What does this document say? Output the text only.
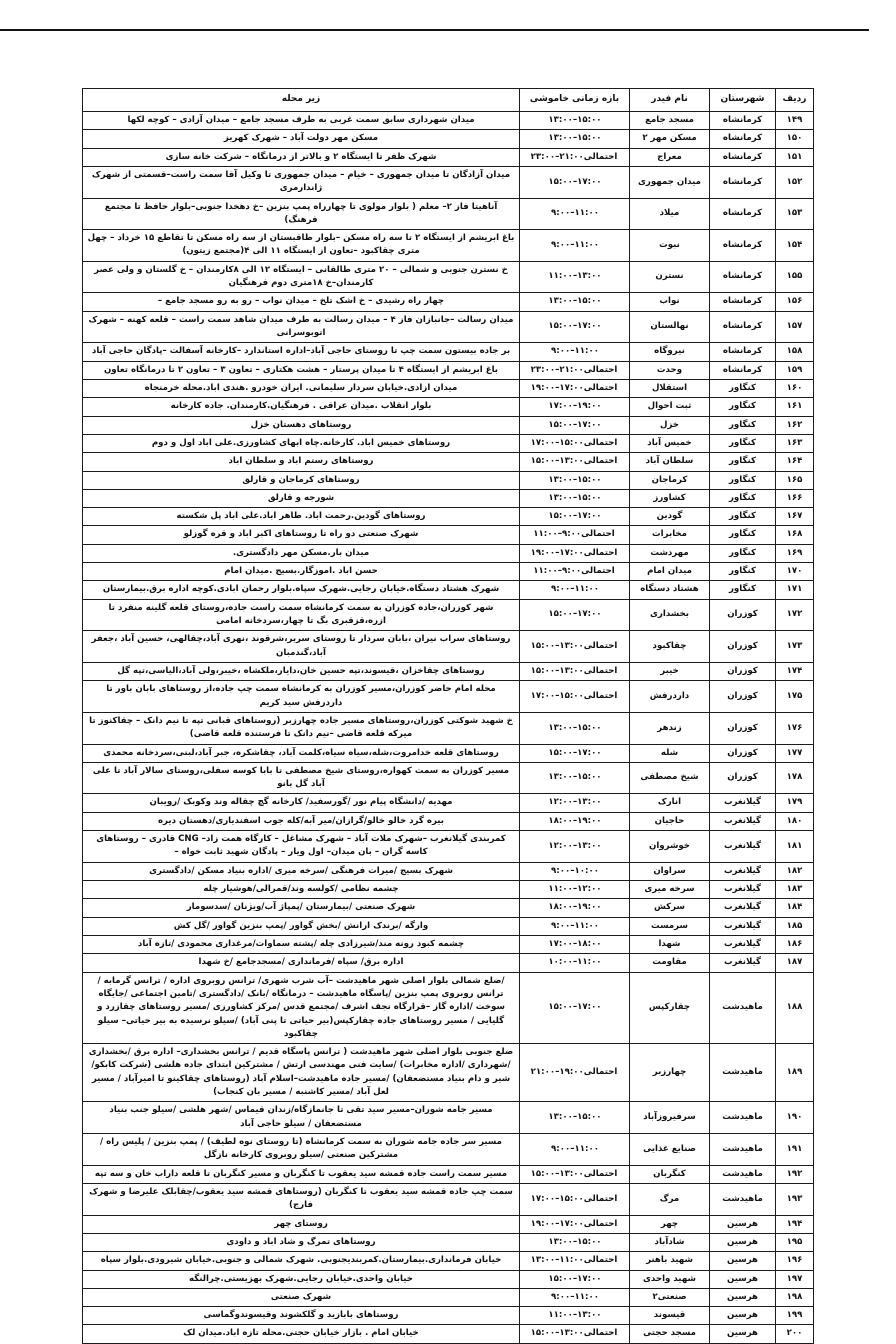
ردیف	شهرستان	نام فیدر	بازه زمانی خاموشی	زیر محله
۱۴۹	کرمانشاه	مسجد جامع	۱۳:۰۰–۱۵:۰۰	میدان شهرداری سابق سمت غربی به طرف مسجد جامع – میدان آزادی – کوچه لکها
۱۵۰	کرمانشاه	مسکن مهر ۲	۱۳:۰۰–۱۵:۰۰	مسکن مهر دولت آباد – شهرک کهریز
۱۵۱	کرمانشاه	معراج	احتمالی۲۱:۰۰–۲۳:۰۰	شهرک ظفر تا ایستگاه ۲ و بالاتر از درمانگاه – شرکت خانه سازی
۱۵۲	کرمانشاه	میدان جمهوری	۱۵:۰۰–۱۷:۰۰	میدان آزادگان تا میدان جمهوری – خیام – میدان جمهوری تا وکیل آقا سمت راست–قسمتی از شهرک ژاندارمری
۱۵۳	کرمانشاه	میلاد	۹:۰۰–۱۱:۰۰	آناهیتا فاز ۲– معلم ( بلوار مولوی تا چهارراه پمپ بنزین –خ دهخدا جنوبی–بلوار حافظ تا مجتمع فرهنگ)
۱۵۴	کرمانشاه	نبوت	۹:۰۰–۱۱:۰۰	باغ ابریشم از ایستگاه ۲ تا سه راه مسکن –بلوار طاقبستان از سه راه مسکن تا تقاطع ۱۵ خرداد – چهل متری چقاکبود –تعاون از ایستگاه ۱۱ الی ۴(مجتمع زیتون)
۱۵۵	کرمانشاه	نسترن	۱۱:۰۰–۱۳:۰۰	خ نسترن جنوبی و شمالی – ۲۰ متری طالقانی – ایستگاه ۱۲ الی ۸کارمندان – خ گلستان و ولی عصر کارمندان–خ ۱۸متری دوم فرهنگیان
۱۵۶	کرمانشاه	نواب	۱۳:۰۰–۱۵:۰۰	چهار راه رشیدی – خ اشک تلخ – میدان نواب – رو به رو مسجد جامع –
۱۵۷	کرمانشاه	نهالستان	۱۵:۰۰–۱۷:۰۰	میدان رسالت –جانبازان فاز ۴ – میدان رسالت به طرف میدان شاهد سمت راست – قلعه کهنه – شهرک اتوبوسرانی
۱۵۸	کرمانشاه	نیروگاه	۹:۰۰–۱۱:۰۰	بر جاده بیستون سمت چپ تا روستای حاجی آباد–اداره استاندارد –کارخانه آسفالت –پادگان حاجی آباد
۱۵۹	کرمانشاه	وحدت	احتمالی۲۱:۰۰–۲۳:۰۰	باغ ابریشم از ایستگاه ۴ تا میدان پرستار – هشت هکتاری – تعاون ۳ – تعاون ۲ تا درمانگاه تعاون
۱۶۰	کنگاور	استقلال	احتمالی۱۷:۰۰–۱۹:۰۰	میدان ازادی.خیابان سردار سلیمانی. ایران خودرو .هندی اباد.محله خرمنجاه
۱۶۱	کنگاور	ثبت احوال	۱۷:۰۰–۱۹:۰۰	بلوار انقلاب .میدان عراقی . فرهنگیان.کارمندان. جاده کارخانه
۱۶۲	کنگاور	خزل	۱۵:۰۰–۱۷:۰۰	روستاهای دهستان خزل
۱۶۳	کنگاور	خمیس آباد	احتمالی۱۵:۰۰–۱۷:۰۰	روستاهای خمیس اباد. کارخانه.چاه ابهای کشاورزی.علی اباد اول و دوم
۱۶۴	کنگاور	سلطان آباد	احتمالی۱۳:۰۰–۱۵:۰۰	روستاهای رستم اباد و سلطان اباد
۱۶۵	کنگاور	کرماجان	۱۳:۰۰–۱۵:۰۰	روستاهای کرماجان و قارلق
۱۶۶	کنگاور	کشاورز	۱۳:۰۰–۱۵:۰۰	شورجه و قارلق
۱۶۷	کنگاور	گودین	۱۵:۰۰–۱۷:۰۰	روستاهای گودین.رحمت اباد. طاهر اباد.علی اباد پل شکسته
۱۶۸	کنگاور	مخابرات	احتمالی۹:۰۰–۱۱:۰۰	شهرک صنعتی دو راه تا روستاهای اکبر اباد و قره گوزلو
۱۶۹	کنگاور	مهردشت	احتمالی۱۷:۰۰–۱۹:۰۰	میدان بار.مسکن مهر دادگستری.
۱۷۰	کنگاور	میدان امام	احتمالی۹:۰۰–۱۱:۰۰	حسن اباد .اموزگار.بسیج .میدان امام
۱۷۱	کنگاور	هشتاد دستگاه	۹:۰۰–۱۱:۰۰	شهرک هشتاد دستگاه.خیابان رجایی.شهرک سپاه.بلوار رحمان ابادی.کوچه اداره برق.بیمارستان
۱۷۲	کوزران	بخشداری	۱۵:۰۰–۱۷:۰۰	شهر کوزران،جاده کوزران به سمت کرمانشاه سمت راست جاده،روستای قلعه گلینه منفرد تا ازره،قزقبری بگ تا چهار،سردخانه امامی
۱۷۳	کوزران	چقاکبود	احتمالی۱۳:۰۰–۱۵:۰۰	روستاهای سراب نیران ،بابان سردار تا روستای سربر،شرقوند ،نهری آباد،چقالهی، حسین آباد ،جعفر آباد،گندمبان
۱۷۴	کوزران	خیبر	احتمالی۱۳:۰۰–۱۵:۰۰	روستاهای چقاخزان ،قیسوند،تپه حسین خان،دایار،ملکشاه ،خیبر،ولی آباد،الیاسی،تپه گل
۱۷۵	کوزران	داردرفش	احتمالی۱۵:۰۰–۱۷:۰۰	محله امام حاضر کوزران،مسیر کوزران به کرمانشاه سمت چپ جاده،از روستاهای بابان باور تا داردرفش سید کریم
۱۷۶	کوزران	زندهر	۱۳:۰۰–۱۵:۰۰	خ شهید شوکتی کوزران،روستاهای مسیر جاده چهارزبر (روستاهای قبانی تپه تا نیم دانک – چقاکنوز تا میرکه قلعه قاضی –نیم دانک تا فرستنده قلعه قاضی)
۱۷۷	کوزران	شله	۱۵:۰۰–۱۷:۰۰	روستاهای قلعه خدامروت،شله،سیاه سیاه،کلمت آباد، چقاشکره، جبر آباد،لبنی،سردخانه محمدی
۱۷۸	کوزران	شیخ مصطفی	۱۳:۰۰–۱۵:۰۰	مسیر کوزران به سمت کهواره،روستای شیخ مصطفی تا بابا کوسه سفلی،روستای سالار آباد تا علی آباد گل بانو
۱۷۹	گیلانغرب	انارک	۱۲:۰۰–۱۳:۰۰	مهدیه /دانشگاه پیام نور /گورسفید/ کارخانه گچ چقاله وند وکوبک /رویبان
۱۸۰	گیلانغرب	حاجیان	۱۸:۰۰–۱۹:۰۰	بیره گرد خالو خالو/گرازان/میر آبه/کله جوب اسفندیاری/دهستان دیره
۱۸۱	گیلانغرب	خوشروان	۱۲:۰۰–۱۳:۰۰	کمربندی گیلانغرب –شهرک ملات آباد – شهرک مشاغل – کارگاه همت زاد– CNG قادری – روستاهای کاسه گران – بان میدان– اول ویار – پادگان شهید ثابت خواه –
۱۸۲	گیلانغرب	سراوان	۹:۰۰–۱۰:۰۰	شهرک بسیج /میرات فرهنگی /سرخه میری /اداره بنیاد مسکن /دادگستری
۱۸۳	گیلانغرب	سرخه میری	۱۱:۰۰–۱۲:۰۰	چشمه نظامی /کولسه وند/قمرالی/هوشیار چله
۱۸۴	گیلانغرب	سرکش	۱۸:۰۰–۱۹:۰۰	شهرک صنعتی /بیمارستان /پمپاژ آب/ویژنان /سدسومار
۱۸۵	گیلانغرب	سرمست	۹:۰۰–۱۱:۰۰	وارگه /برندک ارانش /بخش گواور /پمپ بنزین گواور /گل کش
۱۸۶	گیلانغرب	شهدا	۱۷:۰۰–۱۸:۰۰	چشمه کبود رونه مند/شیرزادی چله /پشته سماوات/مرغداری محمودی /تازه آباد
۱۸۷	گیلانغرب	مقاومت	۱۰:۰۰–۱۱:۰۰	اداره برق/ سپاه /فرمانداری /مسجدجامع /خ شهدا
۱۸۸	ماهیدشت	چقارکپس	۱۵:۰۰–۱۷:۰۰	/ضلع شمالی بلوار اصلی شهر ماهیدشت –آب شرب شهری/ ترانس روبروی اداره / ترانس گرمابه /ترانس روبروی پمپ بنزین /پاسگاه ماهیدشت – درمانگاه /بانک /دادگستری /تامین اجتماعی /جایگاه سوخت /اداره گاز –قرارگاه نجف اشرف /مجتمع قدس /مرکز کشاورزی /مسیر روستاهای چقازرد و گلیایی / مسیر روستاهای جاده چقارکپس(بیر حیاتی تا پنی آباد) /سیلو نرسیده به بیر حیاتی– سیلو چقاکبود
۱۸۹	ماهیدشت	چهارزبر	احتمالی۱۹:۰۰–۲۱:۰۰	ضلع جنوبی بلوار اصلی شهر ماهیدشت ( ترانس پاسگاه قدیم / ترانس بخشداری– اداره برق /بخشداری /شهرداری /اداره مخابرات) /سایت فنی مهندسی ارتش / مشترکین ابتدای جاده هلشی (شرکت کابکو/ شیر و دام بنیاد مستضعفان) /مسیر جاده ماهیدشت–اسلام آباد (روستاهای چقاکینو تا امیرآباد / مسیر لعل آباد /مسیر کاشنبه / مسیر بان کنجاب)
۱۹۰	ماهیدشت	سرفیروزآباد	۱۳:۰۰–۱۵:۰۰	مسیر جامه شوران–مسیر سید تقی تا جانمازگاه/زندان قیماس /شهر هلشی /سیلو جنب بنیاد مستضعفان / سیلو حاجی آباد
۱۹۱	ماهیدشت	صنایع غذایی	۹:۰۰–۱۱:۰۰	مسیر سر جاده جامه شوران به سمت کرمانشاه (تا روستای نوه لطیف) / پمپ بنزین / پلیس راه /مشترکین صنعتی /سیلو روبروی کارخانه نازگل
۱۹۲	ماهیدشت	کنگربان	احتمالی۱۳:۰۰–۱۵:۰۰	مسیر سمت راست جاده قمشه سید یعقوب تا کنگربان و مسیر کنگربان تا قلعه داراب خان و سه تپه
۱۹۳	ماهیدشت	مرگ	احتمالی۱۵:۰۰–۱۷:۰۰	سمت چپ جاده قمشه سید یعقوب تا کنگربان (روستاهای قمشه سید یعقوب/چقابلک علیرضا و شهرک فارج)
۱۹۴	هرسین	چهر	احتمالی۱۷:۰۰–۱۹:۰۰	روستای چهر
۱۹۵	هرسین	شادآباد	۱۳:۰۰–۱۵:۰۰	روستاهای تمرگ و شاد اباد و داودی
۱۹۶	هرسین	شهید باهنر	احتمالی۱۱:۰۰–۱۳:۰۰	خیابان فرمانداری.بیمارستان.کمربندیجنوبی. شهرک شمالی و جنوبی.خیابان شیرودی.بلوار سپاه
۱۹۷	هرسین	شهید واحدی	۱۵:۰۰–۱۷:۰۰	خیابان واحدی.خیابان رجایی.شهرک بهزیستی.چرالنگه
۱۹۸	هرسین	صنعتی۲	۹:۰۰–۱۱:۰۰	شهرک صنعتی
۱۹۹	هرسین	قیسوند	۱۱:۰۰–۱۳:۰۰	روستاهای بابازید و گلکشوند وقیسوندوگماسی
۲۰۰	هرسین	مسجد حجتی	احتمالی۱۳:۰۰–۱۵:۰۰	خیابان امام . بازار خیابان حجتی.محله تازه اباد.میدان لک
